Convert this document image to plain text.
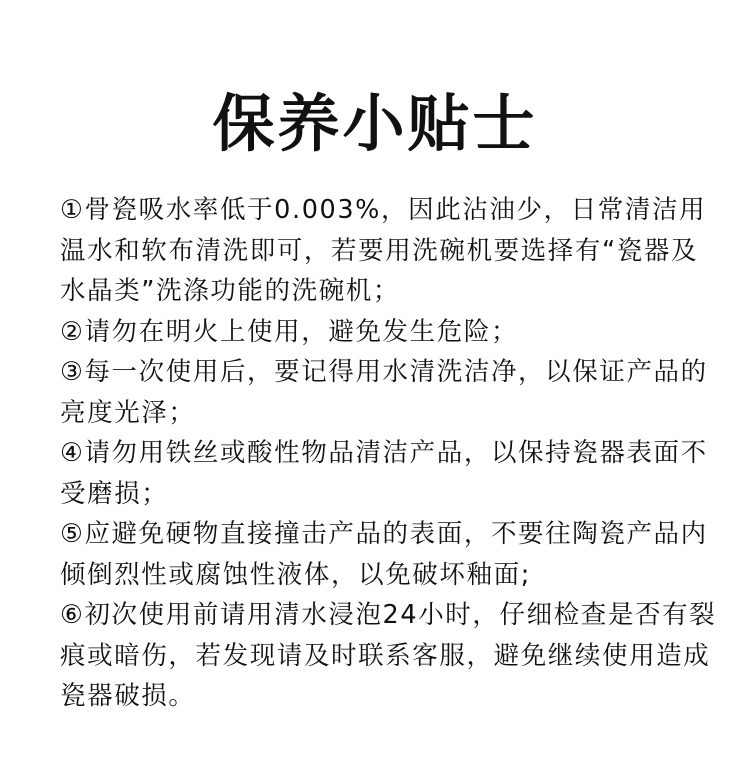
保养小贴士
①骨瓷吸水率低于0.003%，因此沾油少，日常清洁用
温水和软布清洗即可，若要用洗碗机要选择有“瓷器及
水晶类”洗涤功能的洗碗机；
②请勿在明火上使用，避免发生危险；
③每一次使用后，要记得用水清洗洁净，以保证产品的
亮度光泽；
④请勿用铁丝或酸性物品清洁产品，以保持瓷器表面不
受磨损；
⑤应避免硬物直接撞击产品的表面，不要往陶瓷产品内
倾倒烈性或腐蚀性液体，以免破坏釉面;
⑥初次使用前请用清水浸泡24小时，仔细检查是否有裂
痕或暗伤，若发现请及时联系客服，避免继续使用造成
瓷器破损。
